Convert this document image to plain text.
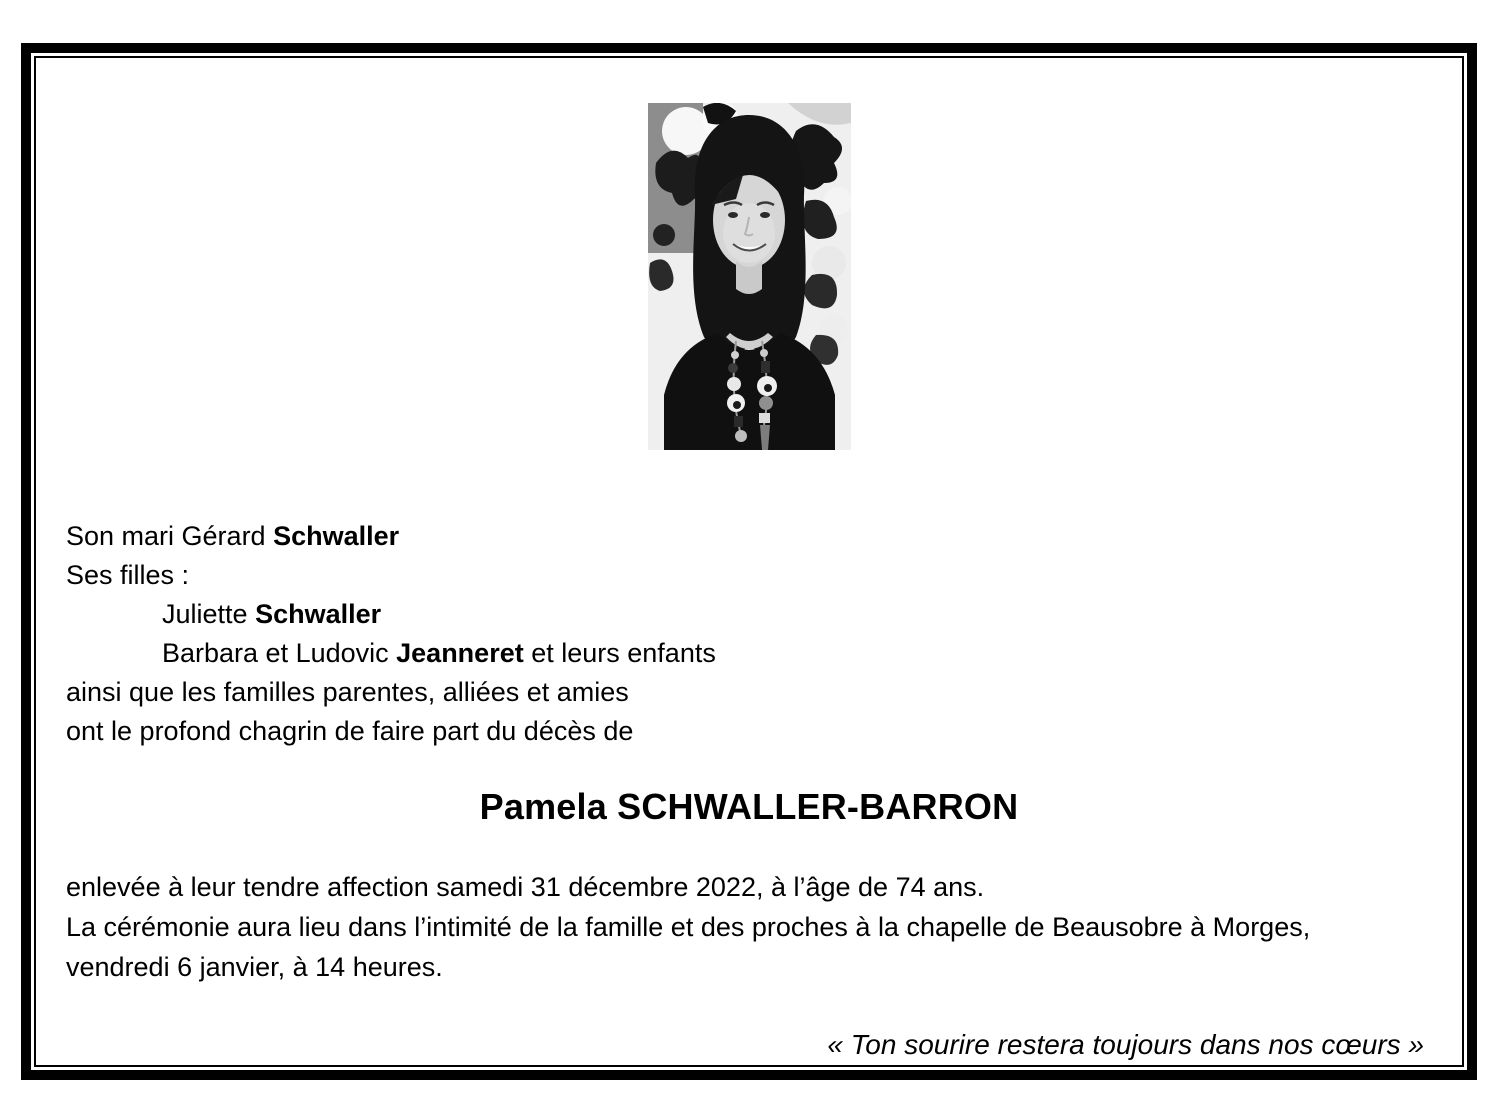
Son mari Gérard Schwaller
Ses filles :
Juliette Schwaller
Barbara et Ludovic Jeanneret et leurs enfants
ainsi que les familles parentes, alliées et amies
ont le profond chagrin de faire part du décès de
Pamela SCHWALLER-BARRON
enlevée à leur tendre affection samedi 31 décembre 2022, à l’âge de 74 ans.
La cérémonie aura lieu dans l’intimité de la famille et des proches à la chapelle de Beausobre à Morges,
vendredi 6 janvier, à 14 heures.
« Ton sourire restera toujours dans nos cœurs »
